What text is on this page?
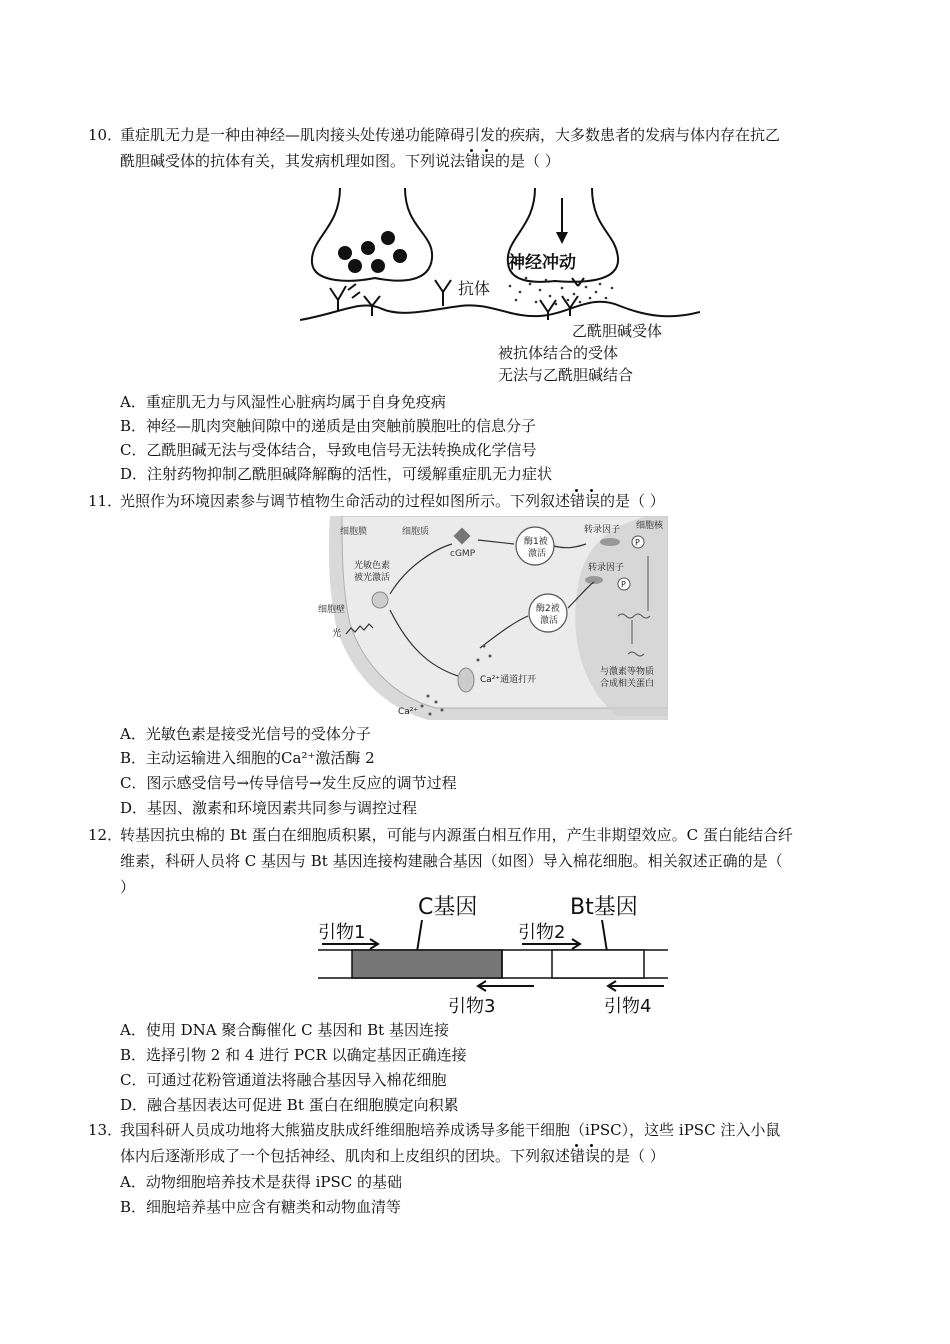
10．
重症肌无力是一种由神经—肌肉接头处传递功能障碍引发的疾病，大多数患者的发病与体内存在抗乙
酰胆碱受体的抗体有关，其发病机理如图。下列说法错误的是（ ）
抗体
神经冲动
乙酰胆碱受体
被抗体结合的受体
无法与乙酰胆碱结合
A．重症肌无力与风湿性心脏病均属于自身免疫病
B．神经—肌肉突触间隙中的递质是由突触前膜胞吐的信息分子
C．乙酰胆碱无法与受体结合，导致电信号无法转换成化学信号
D．注射药物抑制乙酰胆碱降解酶的活性，可缓解重症肌无力症状
11．
光照作为环境因素参与调节植物生命活动的过程如图所示。下列叙述错误的是（ ）
细胞膜	细胞质
cGMP
酶1被
激活
酶2被
激活
转录因子 细胞核
转录因子
P
P
与激素等物质
合成相关蛋白
光敏色素
被光激活
细胞壁
光
Ca²⁺通道打开
Ca²⁺
A．光敏色素是接受光信号的受体分子
B．主动运输进入细胞的Ca²⁺激活酶 2
C．图示感受信号→传导信号→发生反应的调节过程
D．基因、激素和环境因素共同参与调控过程
12．
转基因抗虫棉的 Bt 蛋白在细胞质积累，可能与内源蛋白相互作用，产生非期望效应。C 蛋白能结合纤
维素，科研人员将 C 基因与 Bt 基因连接构建融合基因（如图）导入棉花细胞。相关叙述正确的是（
）
C基因	Bt基因
引物1	引物2
引物3	引物4
A．使用 DNA 聚合酶催化 C 基因和 Bt 基因连接
B．选择引物 2 和 4 进行 PCR 以确定基因正确连接
C．可通过花粉管通道法将融合基因导入棉花细胞
D．融合基因表达可促进 Bt 蛋白在细胞膜定向积累
13．
我国科研人员成功地将大熊猫皮肤成纤维细胞培养成诱导多能干细胞（iPSC），这些 iPSC 注入小鼠
体内后逐渐形成了一个包括神经、肌肉和上皮组织的团块。下列叙述错误的是（ ）
A．动物细胞培养技术是获得 iPSC 的基础
B．细胞培养基中应含有糖类和动物血清等
